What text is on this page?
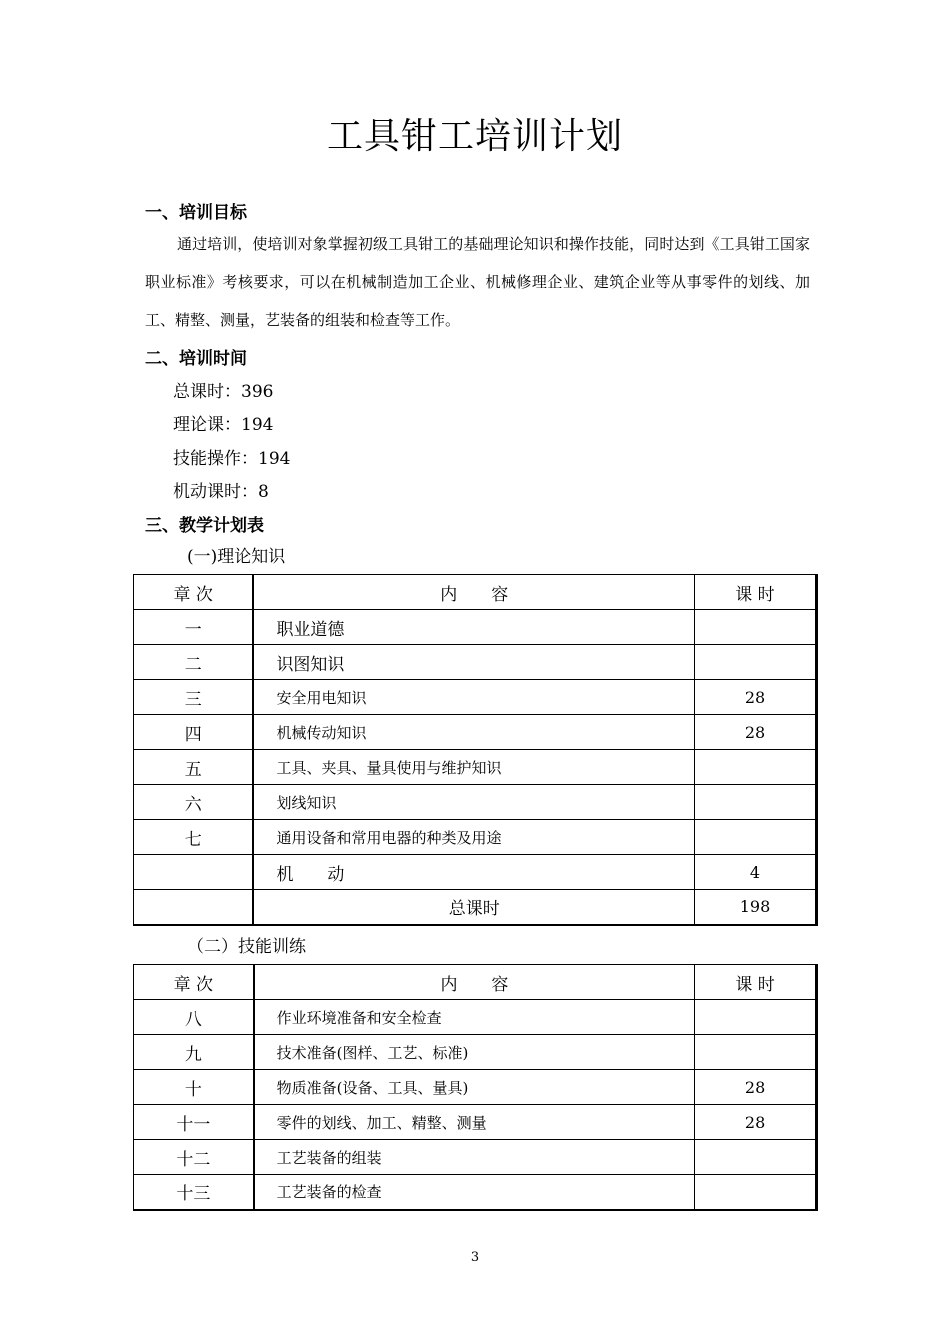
工具钳工培训计划
一、培训目标
通过培训，使培训对象掌握初级工具钳工的基础理论知识和操作技能，同时达到《工具钳工国家职业标准》考核要求，可以在机械制造加工企业、机械修理企业、建筑企业等从事零件的划线、加工、精整、测量，艺装备的组装和检查等工作。
二、培训时间
总课时：396
理论课：194
技能操作：194
机动课时：8
三、教学计划表
(一)理论知识
章 次	内　　容	课 时
一	职业道德	
二	识图知识	
三	安全用电知识	28
四	机械传动知识	28
五	工具、夹具、量具使用与维护知识	
六	划线知识	
七	通用设备和常用电器的种类及用途	
	机　　动	4
	总课时	198
（二）技能训练
章 次	内　　容	课 时
八	作业环境准备和安全检查	
九	技术准备(图样、工艺、标准)	
十	物质准备(设备、工具、量具)	28
十一	零件的划线、加工、精整、测量	28
十二	工艺装备的组装	
十三	工艺装备的检查	
3
